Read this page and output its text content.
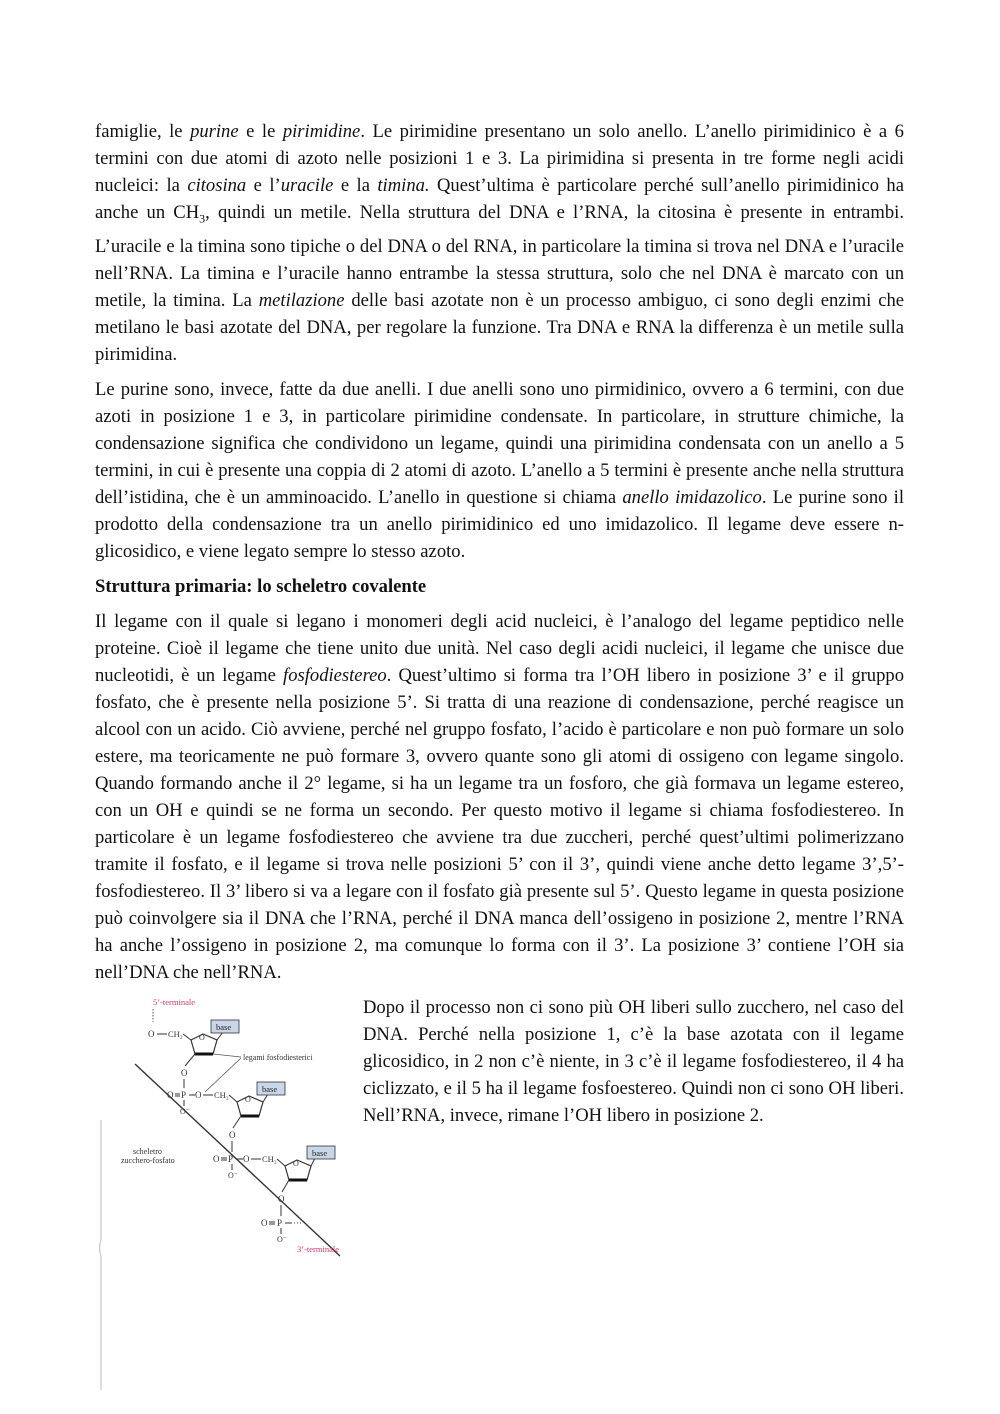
famiglie, le purine e le pirimidine. Le pirimidine presentano un solo anello. L’anello pirimidinico è a 6 termini con due atomi di azoto nelle posizioni 1 e 3. La pirimidina si presenta in tre forme negli acidi nucleici: la citosina e l’uracile e la timina. Quest’ultima è particolare perché sull’anello pirimidinico ha anche un $CH_3$, quindi un metile. Nella struttura del DNA e l’RNA, la citosina è presente in entrambi. L’uracile e la timina sono tipiche o del DNA o del RNA, in particolare la timina si trova nel DNA e l’uracile nell’RNA. La timina e l’uracile hanno entrambe la stessa struttura, solo che nel DNA è marcato con un metile, la timina. La metilazione delle basi azotate non è un processo ambiguo, ci sono degli enzimi che metilano le basi azotate del DNA, per regolare la funzione. Tra DNA e RNA la differenza è un metile sulla pirimidina.

Le purine sono, invece, fatte da due anelli. I due anelli sono uno pirmidinico, ovvero a 6 termini, con due azoti in posizione 1 e 3, in particolare pirimidine condensate. In particolare, in strutture chimiche, la condensazione significa che condividono un legame, quindi una pirimidina condensata con un anello a 5 termini, in cui è presente una coppia di 2 atomi di azoto. L’anello a 5 termini è presente anche nella struttura dell’istidina, che è un amminoacido. L’anello in questione si chiama anello imidazolico. Le purine sono il prodotto della condensazione tra un anello pirimidinico ed uno imidazolico. Il legame deve essere n-glicosidico, e viene legato sempre lo stesso azoto.

Struttura primaria: lo scheletro covalente

Il legame con il quale si legano i monomeri degli acid nucleici, è l’analogo del legame peptidico nelle proteine. Cioè il legame che tiene unito due unità. Nel caso degli acidi nucleici, il legame che unisce due nucleotidi, è un legame fosfodiestereo. Quest’ultimo si forma tra l’OH libero in posizione 3’ e il gruppo fosfato, che è presente nella posizione 5’. Si tratta di una reazione di condensazione, perché reagisce un alcool con un acido. Ciò avviene, perché nel gruppo fosfato, l’acido è particolare e non può formare un solo estere, ma teoricamente ne può formare 3, ovvero quante sono gli atomi di ossigeno con legame singolo. Quando formando anche il 2° legame, si ha un legame tra un fosforo, che già formava un legame estereo, con un OH e quindi se ne forma un secondo. Per questo motivo il legame si chiama fosfodiestereo. In particolare è un legame fosfodiestereo che avviene tra due zuccheri, perché quest’ultimi polimerizzano tramite il fosfato, e il legame si trova nelle posizioni 5’ con il 3’, quindi viene anche detto legame 3’,5’-fosfodiestereo. Il 3’ libero si va a legare con il fosfato già presente sul 5’. Questo legame in questa posizione può coinvolgere sia il DNA che l’RNA, perché il DNA manca dell’ossigeno in posizione 2, mentre l’RNA ha anche l’ossigeno in posizione 2, ma comunque lo forma con il 3’. La posizione 3’ contiene l’OH sia nell’DNA che nell’RNA.

5’-terminale
O CH₂ O
base
O
O P O CH₂
O⁻
legami fosfodiesterici
O
base
O
O P O CH₂
O⁻
scheletro
zucchero-fosfato	O
base
O
O P ···
O⁻
3’-terminale

Dopo il processo non ci sono più OH liberi sullo zucchero, nel caso del DNA. Perché nella posizione 1, c’è la base azotata con il legame glicosidico, in 2 non c’è niente, in 3 c’è il legame fosfodiestereo, il 4 ha ciclizzato, e il 5 ha il legame fosfoestereo. Quindi non ci sono OH liberi. Nell’RNA, invece, rimane l’OH libero in posizione 2.
